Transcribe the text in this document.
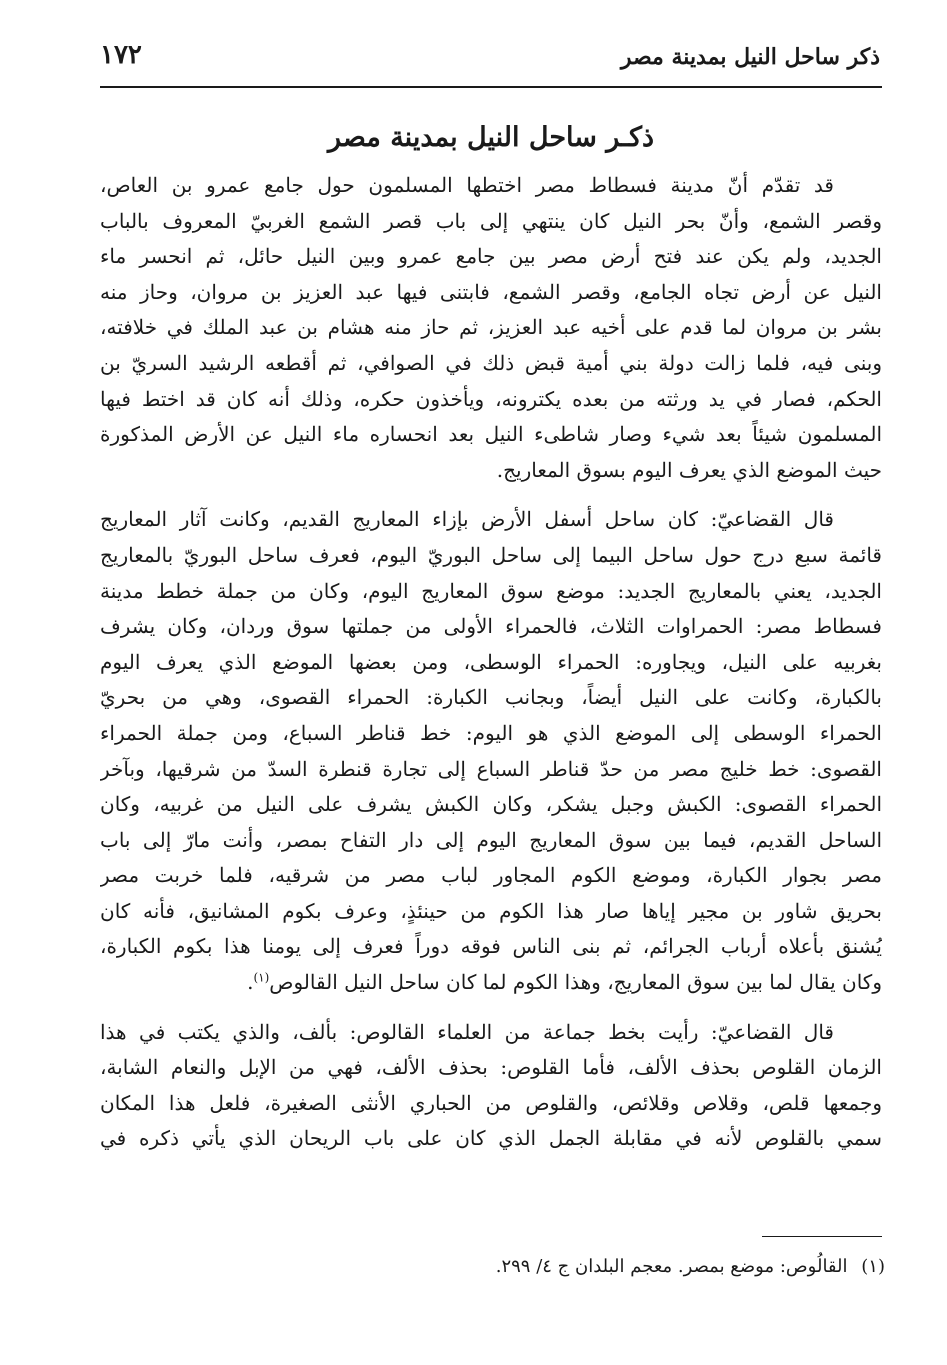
ذكر ساحل النيل بمدينة مصر
١٧٢
ذكـر ساحل النيل بمدينة مصر
قد تقدّم أنّ مدينة فسطاط مصر اختطها المسلمون حول جامع عمرو بن العاص،
وقصر الشمع، وأنّ بحر النيل كان ينتهي إلى باب قصر الشمع الغربيّ المعروف بالباب
الجديد، ولم يكن عند فتح أرض مصر بين جامع عمرو وبين النيل حائل، ثم انحسر ماء
النيل عن أرض تجاه الجامع، وقصر الشمع، فابتنى فيها عبد العزيز بن مروان، وحاز منه
بشر بن مروان لما قدم على أخيه عبد العزيز، ثم حاز منه هشام بن عبد الملك في خلافته،
وبنى فيه، فلما زالت دولة بني أمية قبض ذلك في الصوافي، ثم أقطعه الرشيد السريّ بن
الحكم، فصار في يد ورثته من بعده يكترونه، ويأخذون حكره، وذلك أنه كان قد اختط فيها
المسلمون شيئاً بعد شيء وصار شاطىء النيل بعد انحساره ماء النيل عن الأرض المذكورة
حيث الموضع الذي يعرف اليوم بسوق المعاريج.
قال القضاعيّ: كان ساحل أسفل الأرض بإزاء المعاريج القديم، وكانت آثار المعاريج
قائمة سبع درج حول ساحل البيما إلى ساحل البوريّ اليوم، فعرف ساحل البوريّ بالمعاريج
الجديد، يعني بالمعاريج الجديد: موضع سوق المعاريج اليوم، وكان من جملة خطط مدينة
فسطاط مصر: الحمراوات الثلاث، فالحمراء الأولى من جملتها سوق وردان، وكان يشرف
بغربيه على النيل، ويجاوره: الحمراء الوسطى، ومن بعضها الموضع الذي يعرف اليوم
بالكبارة، وكانت على النيل أيضاً، وبجانب الكبارة: الحمراء القصوى، وهي من بحريّ
الحمراء الوسطى إلى الموضع الذي هو اليوم: خط قناطر السباع، ومن جملة الحمراء
القصوى: خط خليج مصر من حدّ قناطر السباع إلى تجارة قنطرة السدّ من شرقيها، وبآخر
الحمراء القصوى: الكبش وجبل يشكر، وكان الكبش يشرف على النيل من غربيه، وكان
الساحل القديم، فيما بين سوق المعاريج اليوم إلى دار التفاح بمصر، وأنت مارّ إلى باب
مصر بجوار الكبارة، وموضع الكوم المجاور لباب مصر من شرقيه، فلما خربت مصر
بحريق شاور بن مجير إياها صار هذا الكوم من حينئذٍ، وعرف بكوم المشانيق، فأنه كان
يُشنق بأعلاه أرباب الجرائم، ثم بنى الناس فوقه دوراً فعرف إلى يومنا هذا بكوم الكبارة،
وكان يقال لما بين سوق المعاريج، وهذا الكوم لما كان ساحل النيل القالوص$^{(١)}$.
قال القضاعيّ: رأيت بخط جماعة من العلماء القالوص: بألف، والذي يكتب في هذا
الزمان القلوص بحذف الألف، فأما القلوص: بحذف الألف، فهي من الإبل والنعام الشابة،
وجمعها قلص، وقلاص وقلائص، والقلوص من الحباري الأنثى الصغيرة، فلعل هذا المكان
سمي بالقلوص لأنه في مقابلة الجمل الذي كان على باب الريحان الذي يأتي ذكره في
(١) القالُوص: موضع بمصر. معجم البلدان ج ٤/ ٢٩٩.
